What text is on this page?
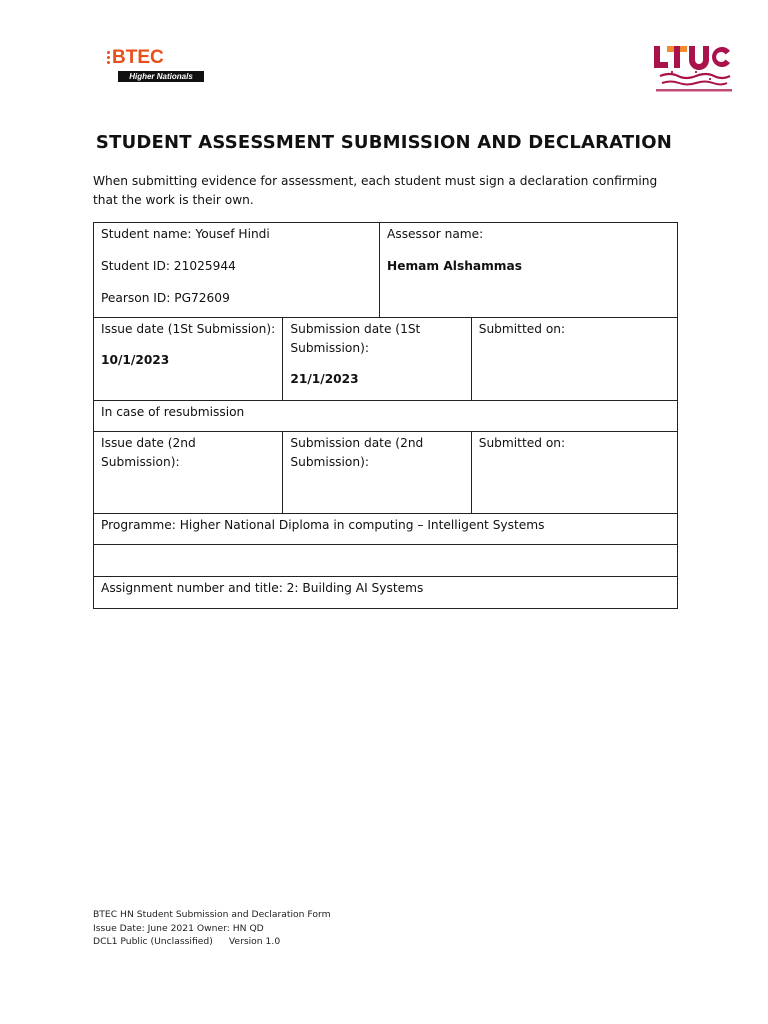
BTEC
Higher Nationals
STUDENT ASSESSMENT SUBMISSION AND DECLARATION
When submitting evidence for assessment, each student must sign a declaration confirming that the work is their own.
Student name: Yousef Hindi
Student ID: 21025944
Pearson ID: PG72609
Assessor name:
Hemam Alshammas
Issue date (1St Submission):
10/1/2023
Submission date (1St Submission):
21/1/2023
Submitted on:
In case of resubmission
Issue date (2nd Submission):
Submission date (2nd Submission):
Submitted on:
Programme: Higher National Diploma in computing – Intelligent Systems
Assignment number and title: 2: Building AI Systems
BTEC HN Student Submission and Declaration Form
Issue Date: June 2021 Owner: HN QD
DCL1 Public (Unclassified) Version 1.0
